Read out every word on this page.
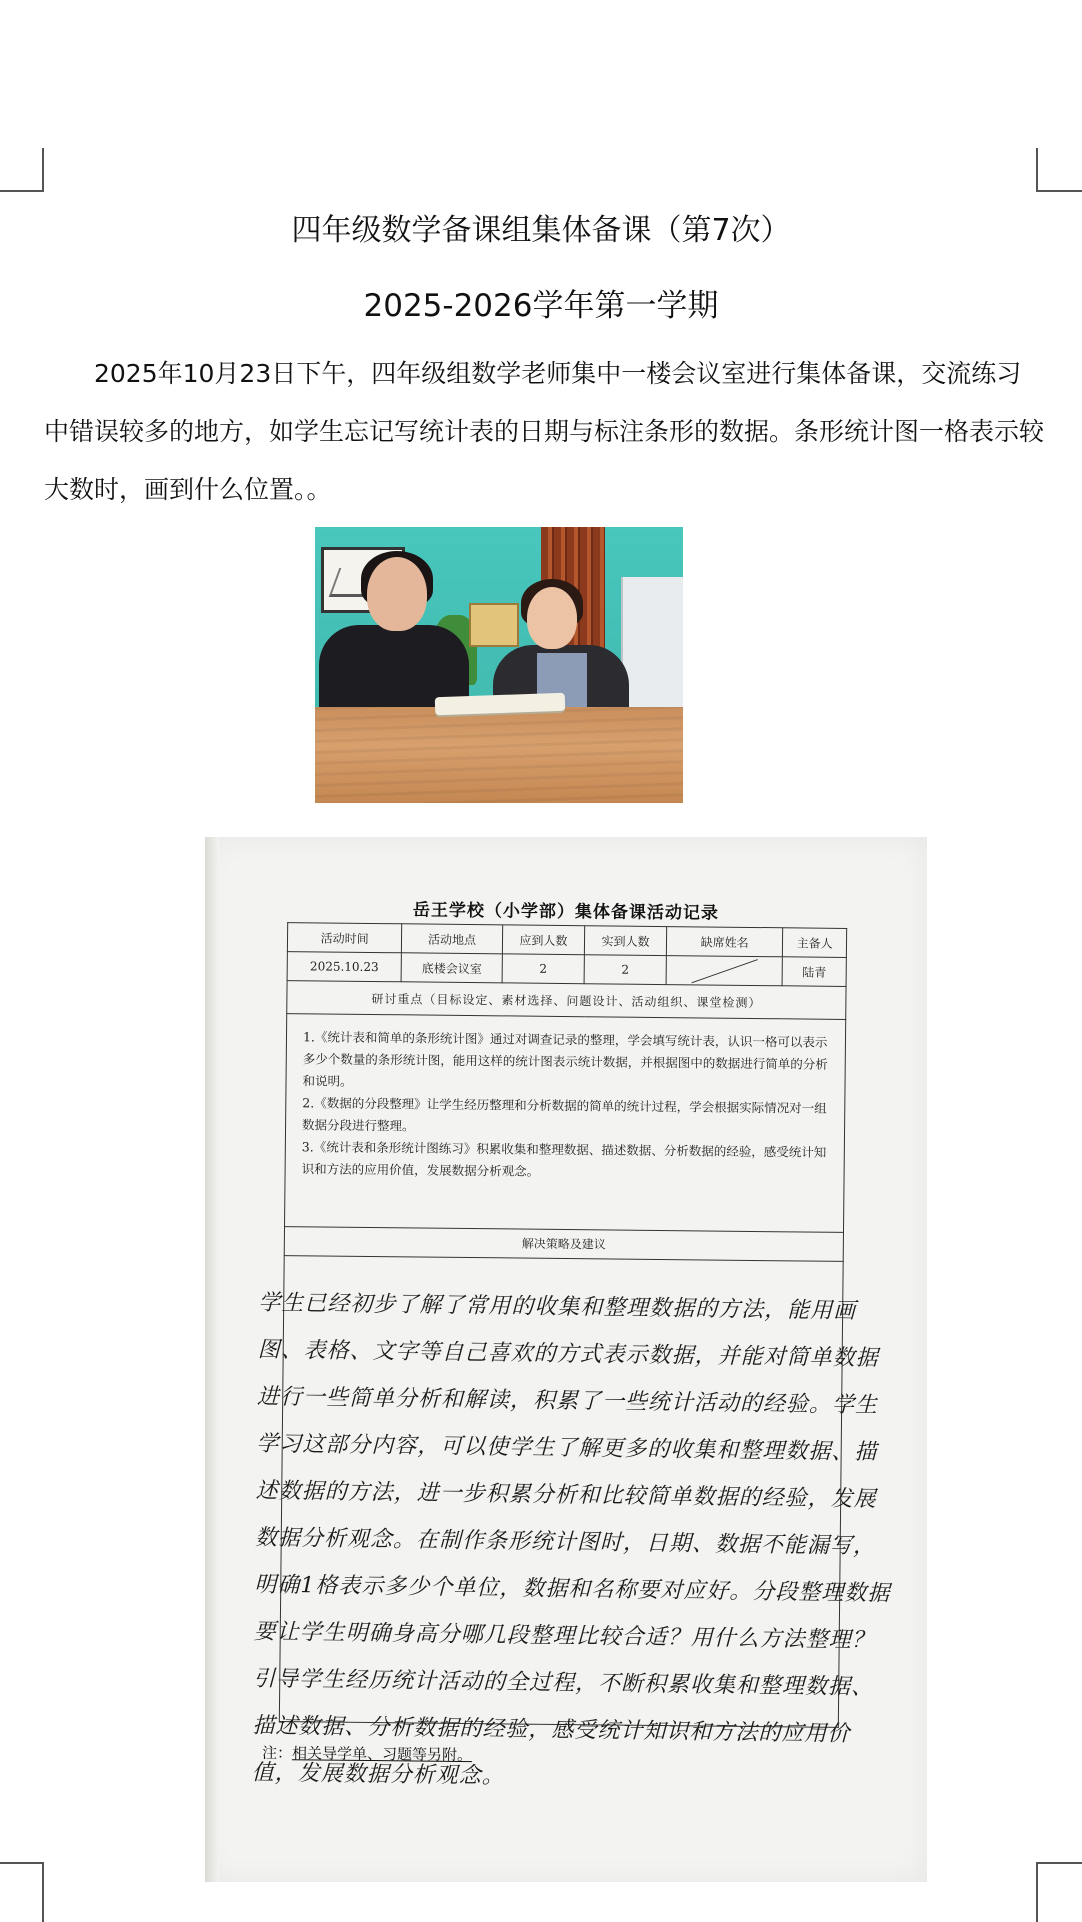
四年级数学备课组集体备课（第7次）
2025-2026学年第一学期
2025年10月23日下午，四年级组数学老师集中一楼会议室进行集体备课，交流练习中错误较多的地方，如学生忘记写统计表的日期与标注条形的数据。条形统计图一格表示较大数时，画到什么位置。。
岳王学校（小学部）集体备课活动记录
活动时间	活动地点	应到人数	实到人数	缺席姓名	主备人
2025.10.23	底楼会议室	2	2		陆青
研讨重点（目标设定、素材选择、问题设计、活动组织、课堂检测）					
1.《统计表和简单的条形统计图》通过对调查记录的整理，学会填写统计表，认识一格可以表示多少个数量的条形统计图，能用这样的统计图表示统计数据，并根据图中的数据进行简单的分析和说明。
2.《数据的分段整理》让学生经历整理和分析数据的简单的统计过程，学会根据实际情况对一组数据分段进行整理。
3.《统计表和条形统计图练习》积累收集和整理数据、描述数据、分析数据的经验，感受统计知识和方法的应用价值，发展数据分析观念。
解决策略及建议
学生已经初步了解了常用的收集和整理数据的方法，能用画图、表格、文字等自己喜欢的方式表示数据，并能对简单数据进行一些简单分析和解读，积累了一些统计活动的经验。学生学习这部分内容，可以使学生了解更多的收集和整理数据、描述数据的方法，进一步积累分析和比较简单数据的经验，发展数据分析观念。在制作条形统计图时，日期、数据不能漏写，明确1格表示多少个单位，数据和名称要对应好。分段整理数据要让学生明确身高分哪几段整理比较合适？用什么方法整理？引导学生经历统计活动的全过程，不断积累收集和整理数据、描述数据、分析数据的经验，感受统计知识和方法的应用价值，发展数据分析观念。
注：相关导学单、习题等另附。
